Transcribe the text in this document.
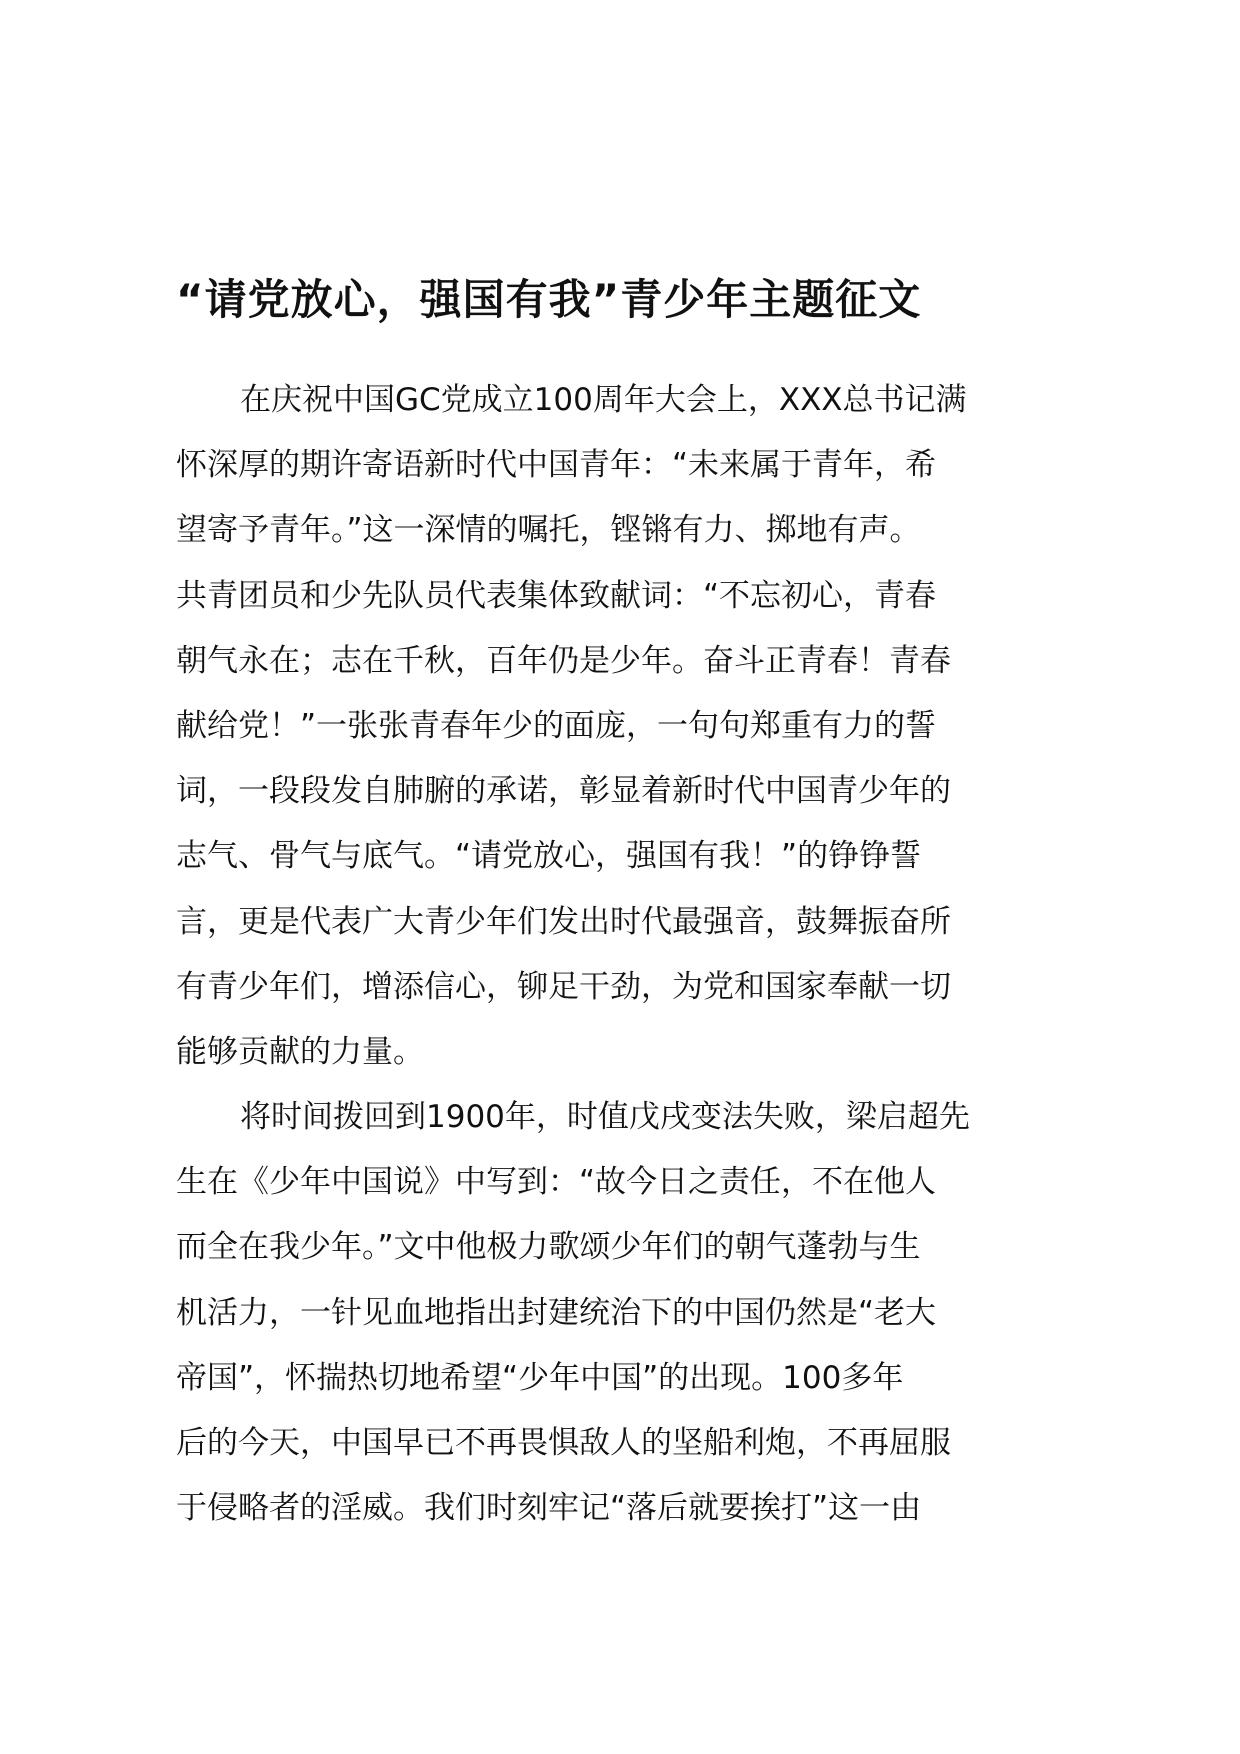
“请党放心，强国有我”青少年主题征文

在庆祝中国GC党成立100周年大会上，XXX总书记满
怀深厚的期许寄语新时代中国青年：“未来属于青年，希
望寄予青年。”这一深情的嘱托，铿锵有力、掷地有声。
共青团员和少先队员代表集体致献词：“不忘初心，青春
朝气永在；志在千秋，百年仍是少年。奋斗正青春！青春
献给党！”一张张青春年少的面庞，一句句郑重有力的誓
词，一段段发自肺腑的承诺，彰显着新时代中国青少年的
志气、骨气与底气。“请党放心，强国有我！”的铮铮誓
言，更是代表广大青少年们发出时代最强音，鼓舞振奋所
有青少年们，增添信心，铆足干劲，为党和国家奉献一切
能够贡献的力量。

将时间拨回到1900年，时值戊戌变法失败，梁启超先
生在《少年中国说》中写到：“故今日之责任，不在他人
而全在我少年。”文中他极力歌颂少年们的朝气蓬勃与生
机活力，一针见血地指出封建统治下的中国仍然是“老大
帝国”，怀揣热切地希望“少年中国”的出现。100多年
后的今天，中国早已不再畏惧敌人的坚船利炮，不再屈服
于侵略者的淫威。我们时刻牢记“落后就要挨打”这一由
